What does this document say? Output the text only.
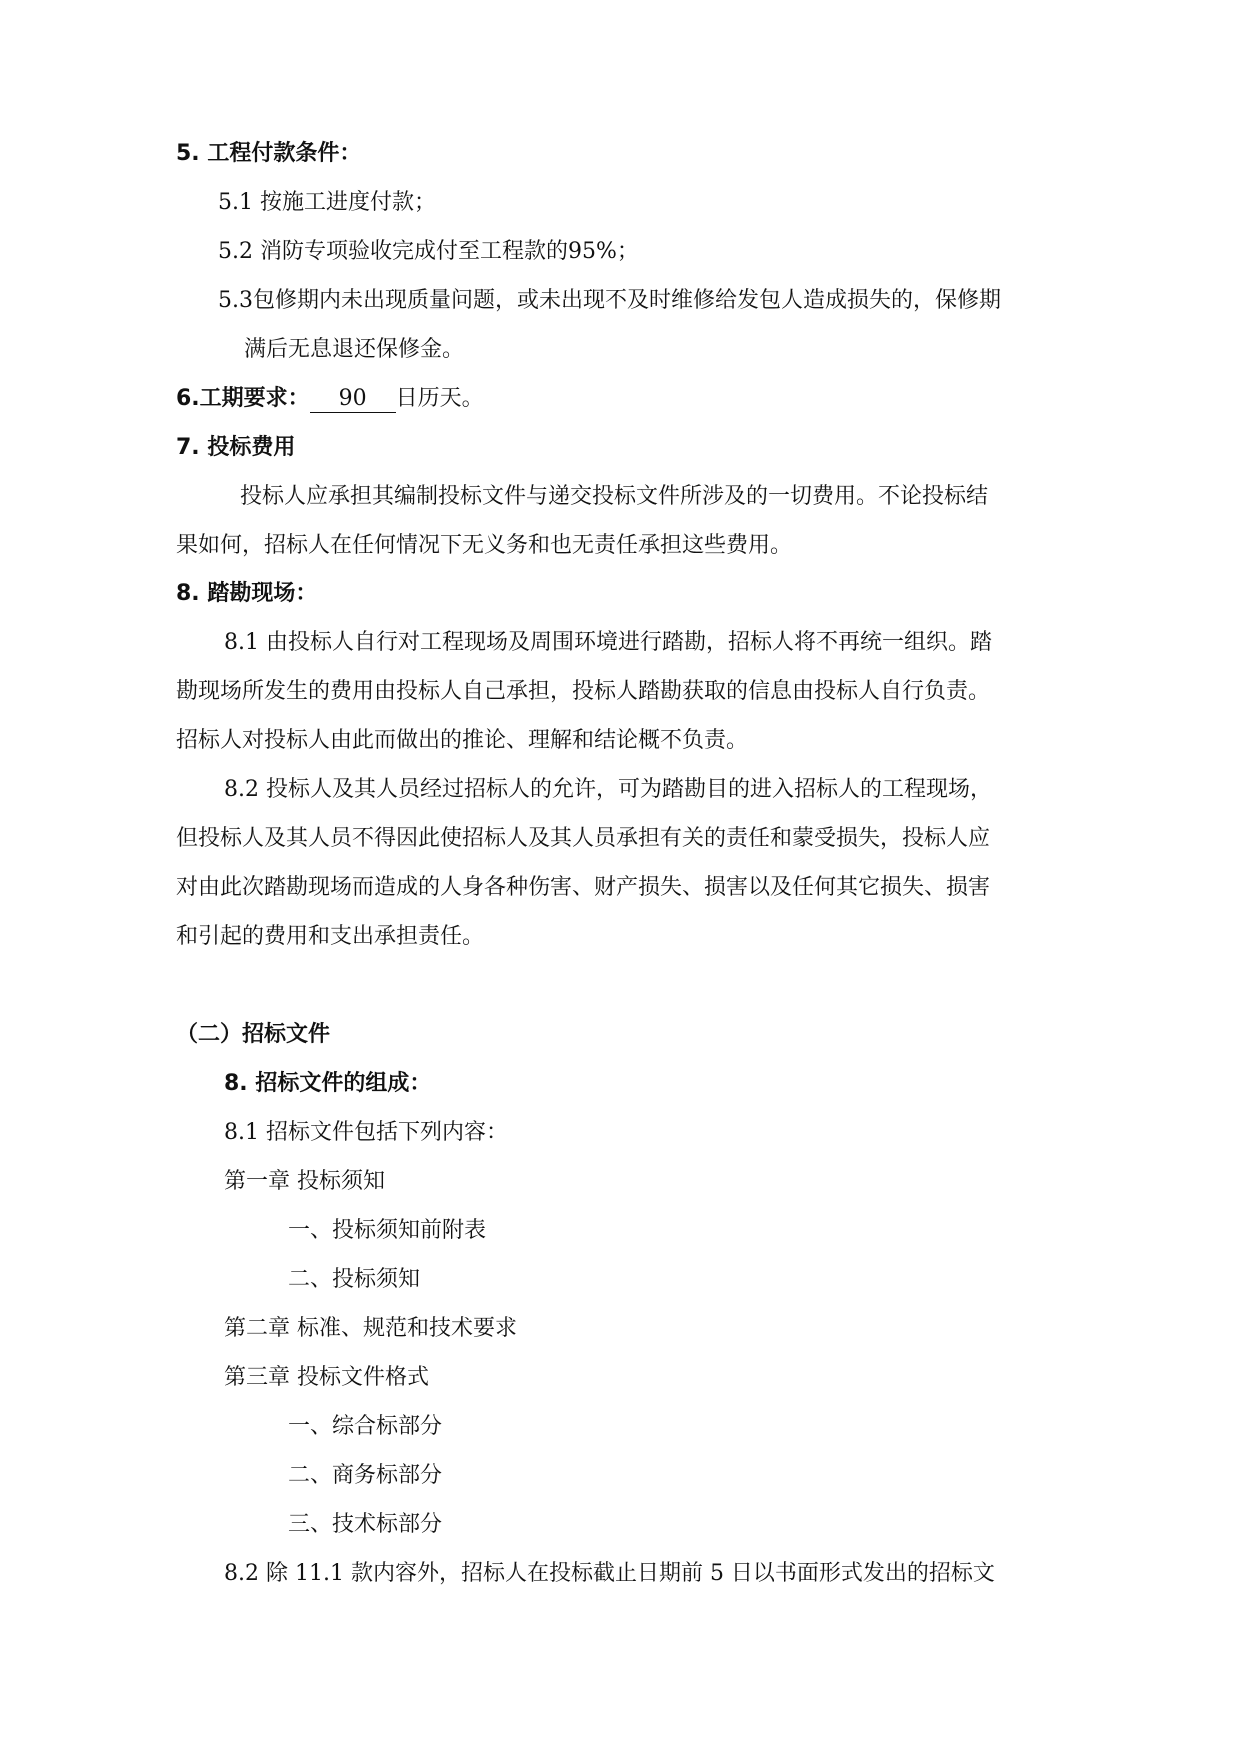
5. 工程付款条件：
5.1 按施工进度付款；
5.2 消防专项验收完成付至工程款的95%；
5.3包修期内未出现质量问题，或未出现不及时维修给发包人造成损失的，保修期
满后无息退还保修金。
6.工期要求： 90 日历天。
7. 投标费用
投标人应承担其编制投标文件与递交投标文件所涉及的一切费用。不论投标结
果如何，招标人在任何情况下无义务和也无责任承担这些费用。
8. 踏勘现场：
8.1 由投标人自行对工程现场及周围环境进行踏勘，招标人将不再统一组织。踏
勘现场所发生的费用由投标人自己承担，投标人踏勘获取的信息由投标人自行负责。
招标人对投标人由此而做出的推论、理解和结论概不负责。
8.2 投标人及其人员经过招标人的允许，可为踏勘目的进入招标人的工程现场，
但投标人及其人员不得因此使招标人及其人员承担有关的责任和蒙受损失，投标人应
对由此次踏勘现场而造成的人身各种伤害、财产损失、损害以及任何其它损失、损害
和引起的费用和支出承担责任。
（二）招标文件
8. 招标文件的组成：
8.1 招标文件包括下列内容：
第一章 投标须知
一、投标须知前附表
二、投标须知
第二章 标准、规范和技术要求
第三章 投标文件格式
一、综合标部分
二、商务标部分
三、技术标部分
8.2 除 11.1 款内容外，招标人在投标截止日期前 5 日以书面形式发出的招标文
